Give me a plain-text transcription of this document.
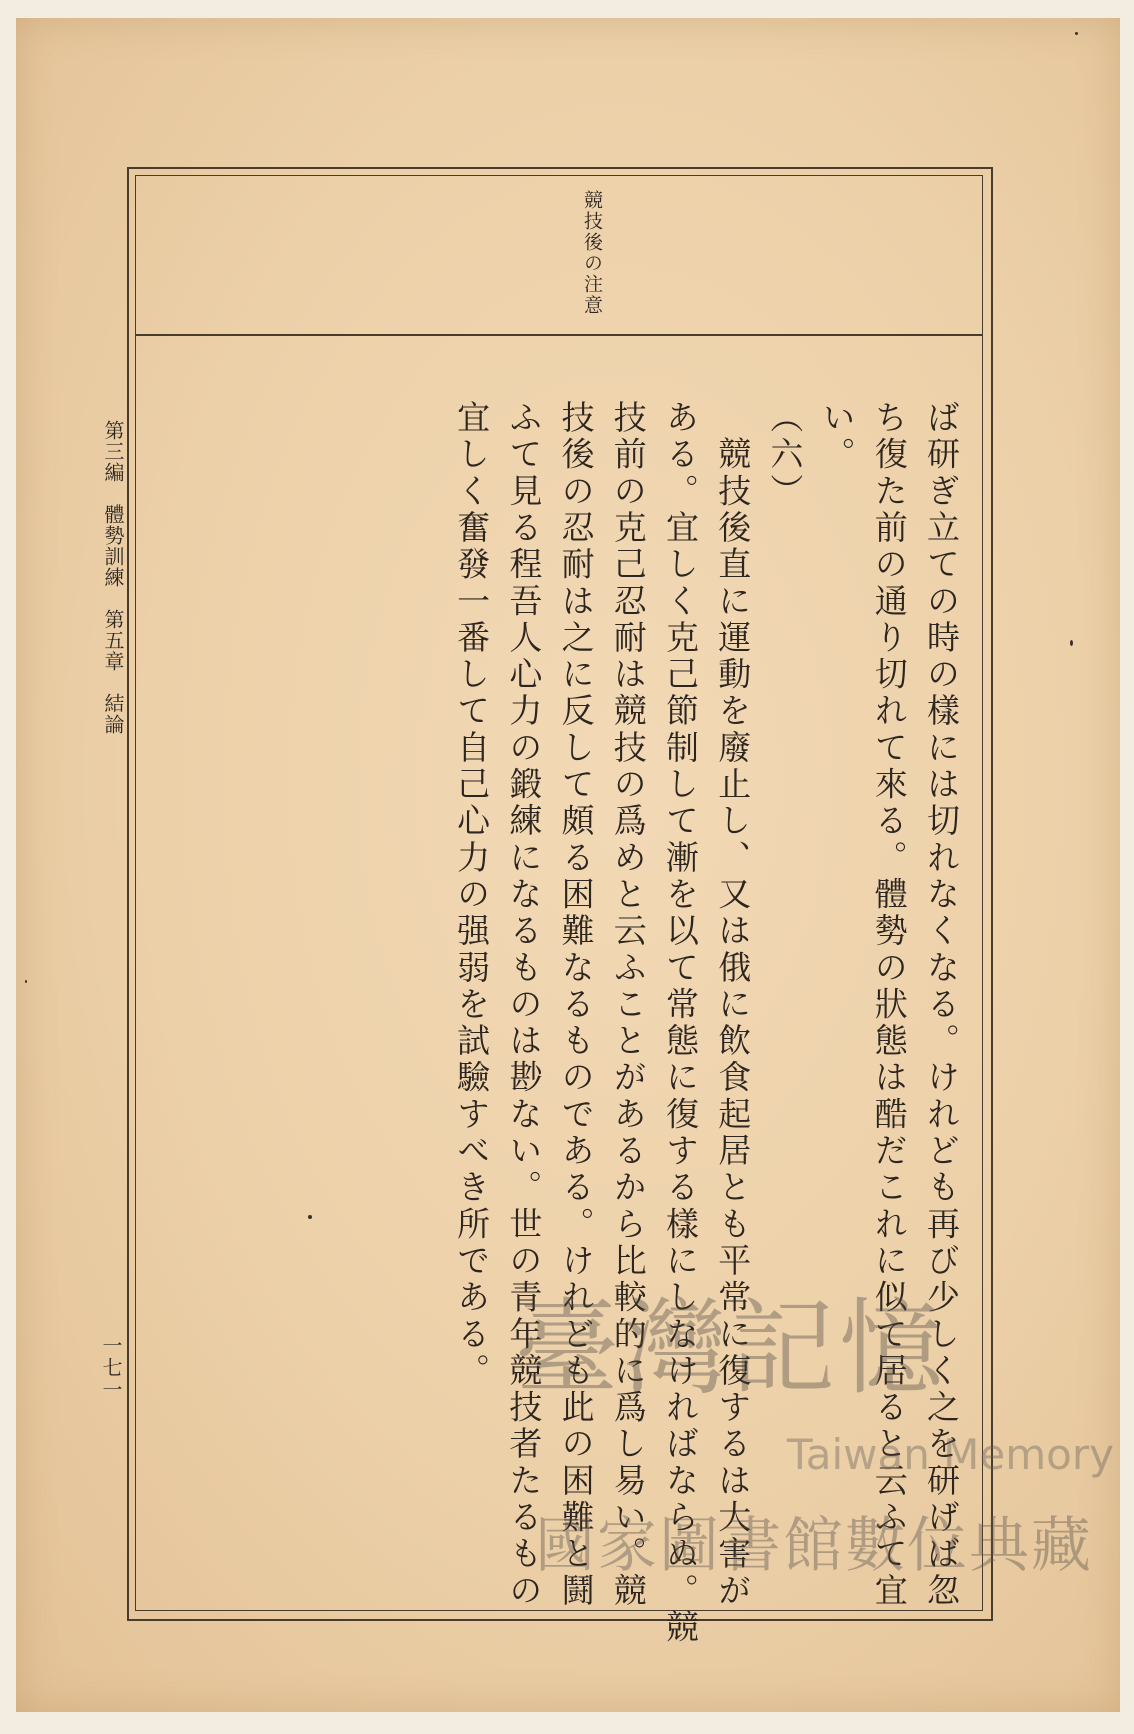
競技後の注意
第三編　體勢訓練　第五章　結論
一七一	ば研ぎ立ての時の樣には切れなくなる。けれども再び少しく之を研げば忽
ち復た前の通り切れて來る。體勢の狀態は酷だこれに似て居ると云ふて宜
い。
（六）
　競技後直に運動を廢止し、又は俄に飲食起居とも平常に復するは大害が
ある。宜しく克己節制して漸を以て常態に復する樣にしなければならぬ。競
技前の克己忍耐は競技の爲めと云ふことがあるから比較的に爲し易い。競
技後の忍耐は之に反して頗る困難なるものである。けれども此の困難と鬪
ふて見る程吾人心力の鍛練になるものは尠ない。世の青年競技者たるもの
宜しく奮發一番して自己心力の强弱を試驗すべき所である。 臺灣記憶
Taiwan Memory
國家圖書館數位典藏
